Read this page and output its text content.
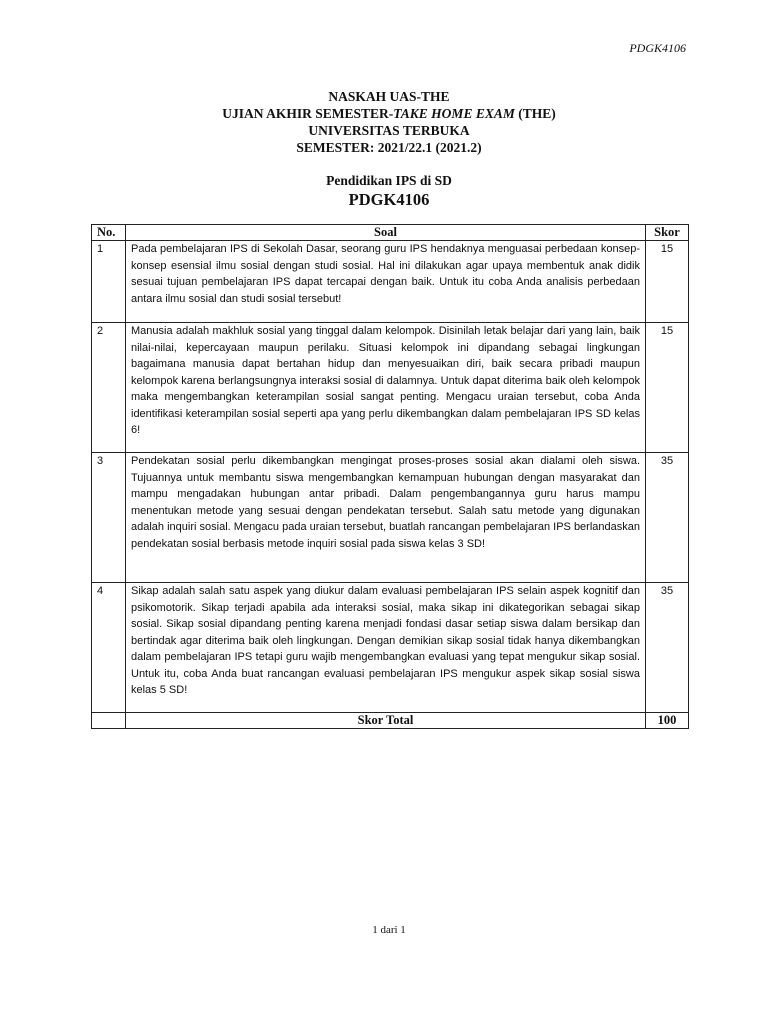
PDGK4106
NASKAH UAS-THE
UJIAN AKHIR SEMESTER-TAKE HOME EXAM (THE)
UNIVERSITAS TERBUKA
SEMESTER: 2021/22.1 (2021.2)
Pendidikan IPS di SD
PDGK4106
No.	Soal	Skor
1	Pada pembelajaran IPS di Sekolah Dasar, seorang guru IPS hendaknya menguasai perbedaan konsep-konsep esensial ilmu sosial dengan studi sosial. Hal ini dilakukan agar upaya membentuk anak didik sesuai tujuan pembelajaran IPS dapat tercapai dengan baik. Untuk itu coba Anda analisis perbedaan antara ilmu sosial dan studi sosial tersebut!	15
2	Manusia adalah makhluk sosial yang tinggal dalam kelompok. Disinilah letak belajar dari yang lain, baik nilai-nilai, kepercayaan maupun perilaku. Situasi kelompok ini dipandang sebagai lingkungan bagaimana manusia dapat bertahan hidup dan menyesuaikan diri, baik secara pribadi maupun kelompok karena berlangsungnya interaksi sosial di dalamnya. Untuk dapat diterima baik oleh kelompok maka mengembangkan keterampilan sosial sangat penting. Mengacu uraian tersebut, coba Anda identifikasi keterampilan sosial seperti apa yang perlu dikembangkan dalam pembelajaran IPS SD kelas 6!	15
3	Pendekatan sosial perlu dikembangkan mengingat proses-proses sosial akan dialami oleh siswa. Tujuannya untuk membantu siswa mengembangkan kemampuan hubungan dengan masyarakat dan mampu mengadakan hubungan antar pribadi. Dalam pengembangannya guru harus mampu menentukan metode yang sesuai dengan pendekatan tersebut. Salah satu metode yang digunakan adalah inquiri sosial. Mengacu pada uraian tersebut, buatlah rancangan pembelajaran IPS berlandaskan pendekatan sosial berbasis metode inquiri sosial pada siswa kelas 3 SD!	35
4	Sikap adalah salah satu aspek yang diukur dalam evaluasi pembelajaran IPS selain aspek kognitif dan psikomotorik. Sikap terjadi apabila ada interaksi sosial, maka sikap ini dikategorikan sebagai sikap sosial. Sikap sosial dipandang penting karena menjadi fondasi dasar setiap siswa dalam bersikap dan bertindak agar diterima baik oleh lingkungan. Dengan demikian sikap sosial tidak hanya dikembangkan dalam pembelajaran IPS tetapi guru wajib mengembangkan evaluasi yang tepat mengukur sikap sosial. Untuk itu, coba Anda buat rancangan evaluasi pembelajaran IPS mengukur aspek sikap sosial siswa kelas 5 SD!	35
	Skor Total	100
1 dari 1
